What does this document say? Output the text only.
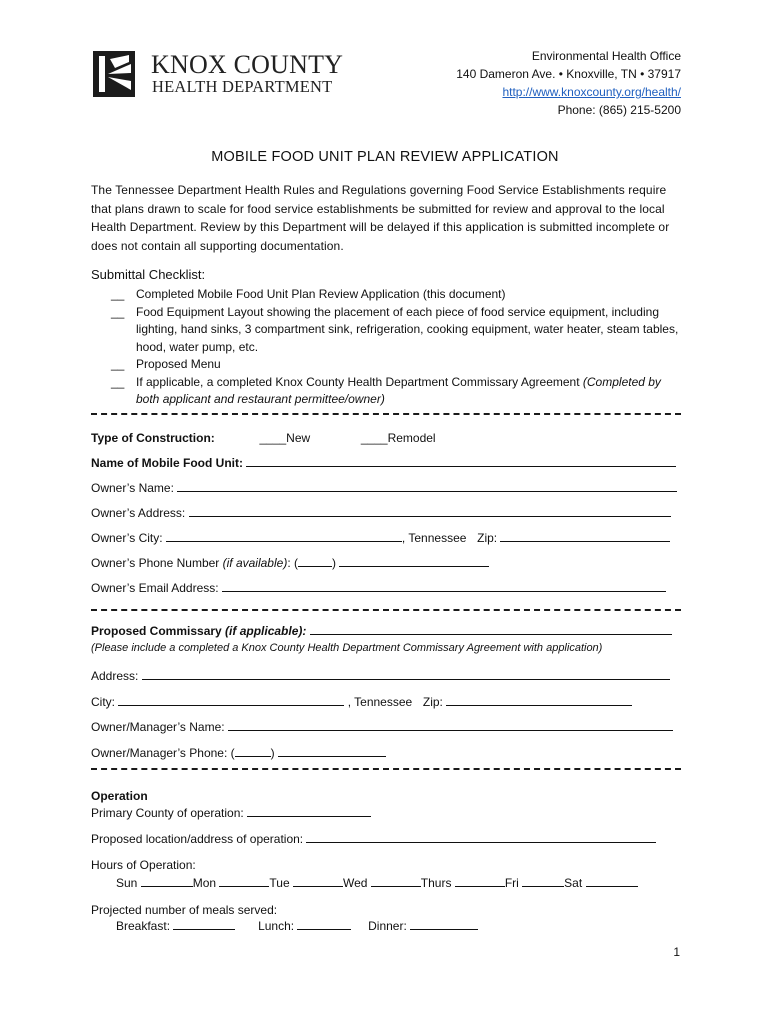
KNOX COUNTY
HEALTH DEPARTMENT
Environmental Health Office
140 Dameron Ave. • Knoxville, TN • 37917
http://www.knoxcounty.org/health/
Phone: (865) 215-5200
MOBILE FOOD UNIT PLAN REVIEW APPLICATION
The Tennessee Department Health Rules and Regulations governing Food Service Establishments require that plans drawn to scale for food service establishments be submitted for review and approval to the local Health Department. Review by this Department will be delayed if this application is submitted incomplete or does not contain all supporting documentation.
Submittal Checklist:
__ Completed Mobile Food Unit Plan Review Application (this document)
__ Food Equipment Layout showing the placement of each piece of food service equipment, including lighting, hand sinks, 3 compartment sink, refrigeration, cooking equipment, water heater, steam tables, hood, water pump, etc.
__ Proposed Menu
__ If applicable, a completed Knox County Health Department Commissary Agreement (Completed by both applicant and restaurant permittee/owner)
Type of Construction:	____New	____Remodel
Name of Mobile Food Unit:
Owner’s Name:
Owner’s Address:
Owner’s City:	, Tennessee Zip:
Owner’s Phone Number (if available): (	)
Owner’s Email Address:
Proposed Commissary (if applicable):
(Please include a completed a Knox County Health Department Commissary Agreement with application)
Address:
City:	, Tennessee Zip:
Owner/Manager’s Name:
Owner/Manager’s Phone: (	)
Operation
Primary County of operation:
Proposed location/address of operation:
Hours of Operation:
Sun	Mon	Tue	Wed	Thurs	Fri	Sat
Projected number of meals served:
Breakfast:	Lunch:	Dinner:
1
